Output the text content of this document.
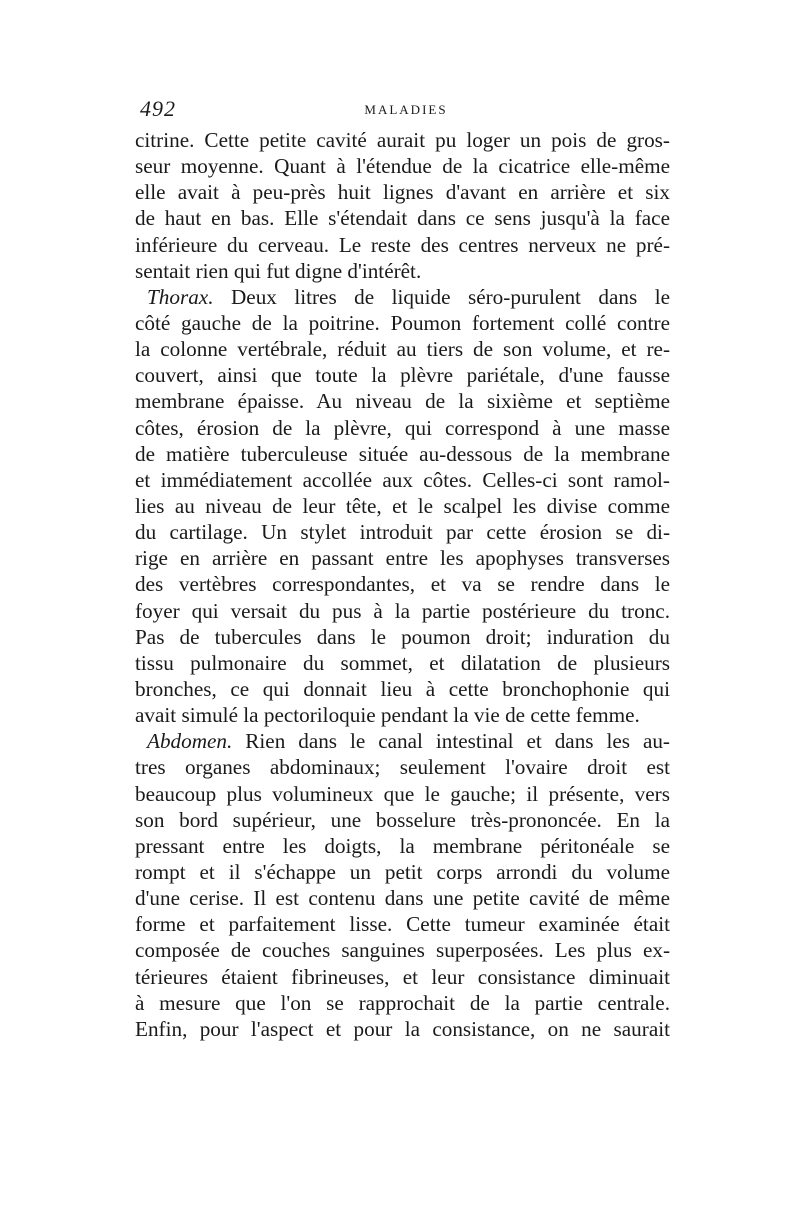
492	MALADIES
citrine. Cette petite cavité aurait pu loger un pois de gros-
seur moyenne. Quant à l'étendue de la cicatrice elle-même
elle avait à peu-près huit lignes d'avant en arrière et six
de haut en bas. Elle s'étendait dans ce sens jusqu'à la face
inférieure du cerveau. Le reste des centres nerveux ne pré-
sentait rien qui fut digne d'intérêt.
Thorax. Deux litres de liquide séro-purulent dans le
côté gauche de la poitrine. Poumon fortement collé contre
la colonne vertébrale, réduit au tiers de son volume, et re-
couvert, ainsi que toute la plèvre pariétale, d'une fausse
membrane épaisse. Au niveau de la sixième et septième
côtes, érosion de la plèvre, qui correspond à une masse
de matière tuberculeuse située au-dessous de la membrane
et immédiatement accollée aux côtes. Celles-ci sont ramol-
lies au niveau de leur tête, et le scalpel les divise comme
du cartilage. Un stylet introduit par cette érosion se di-
rige en arrière en passant entre les apophyses transverses
des vertèbres correspondantes, et va se rendre dans le
foyer qui versait du pus à la partie postérieure du tronc.
Pas de tubercules dans le poumon droit; induration du
tissu pulmonaire du sommet, et dilatation de plusieurs
bronches, ce qui donnait lieu à cette bronchophonie qui
avait simulé la pectoriloquie pendant la vie de cette femme.
Abdomen. Rien dans le canal intestinal et dans les au-
tres organes abdominaux; seulement l'ovaire droit est
beaucoup plus volumineux que le gauche; il présente, vers
son bord supérieur, une bosselure très-prononcée. En la
pressant entre les doigts, la membrane péritonéale se
rompt et il s'échappe un petit corps arrondi du volume
d'une cerise. Il est contenu dans une petite cavité de même
forme et parfaitement lisse. Cette tumeur examinée était
composée de couches sanguines superposées. Les plus ex-
térieures étaient fibrineuses, et leur consistance diminuait
à mesure que l'on se rapprochait de la partie centrale.
Enfin, pour l'aspect et pour la consistance, on ne saurait
